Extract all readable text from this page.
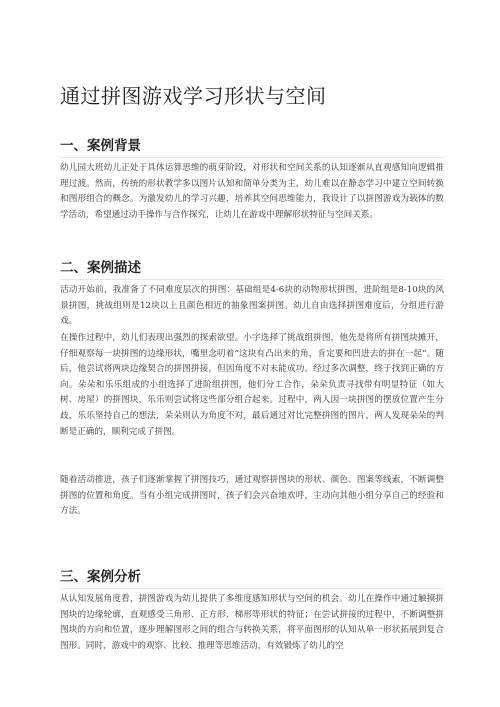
通过拼图游戏学习形状与空间
一、案例背景

幼儿园大班幼儿正处于具体运算思维的萌芽阶段，对形状和空间关系的认知逐渐从直观感知向逻辑推理过渡。然而，传统的形状教学多以图片认知和简单分类为主，幼儿难以在静态学习中建立空间转换和图形组合的概念。为激发幼儿的学习兴趣，培养其空间思维能力，我设计了以拼图游戏为载体的数学活动，希望通过动手操作与合作探究，让幼儿在游戏中理解形状特征与空间关系。

二、案例描述

活动开始前，我准备了不同难度层次的拼图：基础组是4-6块的动物形状拼图，进阶组是8-10块的风景拼图，挑战组则是12块以上且颜色相近的抽象图案拼图。幼儿自由选择拼图难度后，分组进行游戏。

在操作过程中，幼儿们表现出强烈的探索欲望。小宇选择了挑战组拼图，他先是将所有拼图块摊开，仔细观察每一块拼图的边缘形状，嘴里念叨着“这块有凸出来的角，肯定要和凹进去的拼在一起”。随后，他尝试将两块边缘契合的拼图拼接，但因角度不对未能成功。经过多次调整，终于找到正确的方向。朵朵和乐乐组成的小组选择了进阶组拼图，他们分工合作，朵朵负责寻找带有明显特征（如大树、房屋）的拼图块，乐乐则尝试将这些部分组合起来。过程中，两人因一块拼图的摆放位置产生分歧，乐乐坚持自己的想法，朵朵则认为角度不对，最后通过对比完整拼图的图片，两人发现朵朵的判断是正确的，顺利完成了拼图。

随着活动推进，孩子们逐渐掌握了拼图技巧，通过观察拼图块的形状、颜色、图案等线索，不断调整拼图的位置和角度。当有小组完成拼图时，孩子们会兴奋地欢呼，主动向其他小组分享自己的经验和方法。

三、案例分析

从认知发展角度看，拼图游戏为幼儿提供了多维度感知形状与空间的机会。幼儿在操作中通过触摸拼图块的边缘轮廓，直观感受三角形、正方形、梯形等形状的特征；在尝试拼接的过程中，不断调整拼图块的方向和位置，逐步理解图形之间的组合与转换关系，将平面图形的认知从单一形状拓展到复合图形。同时，游戏中的观察、比较、推理等思维活动，有效锻炼了幼儿的空
